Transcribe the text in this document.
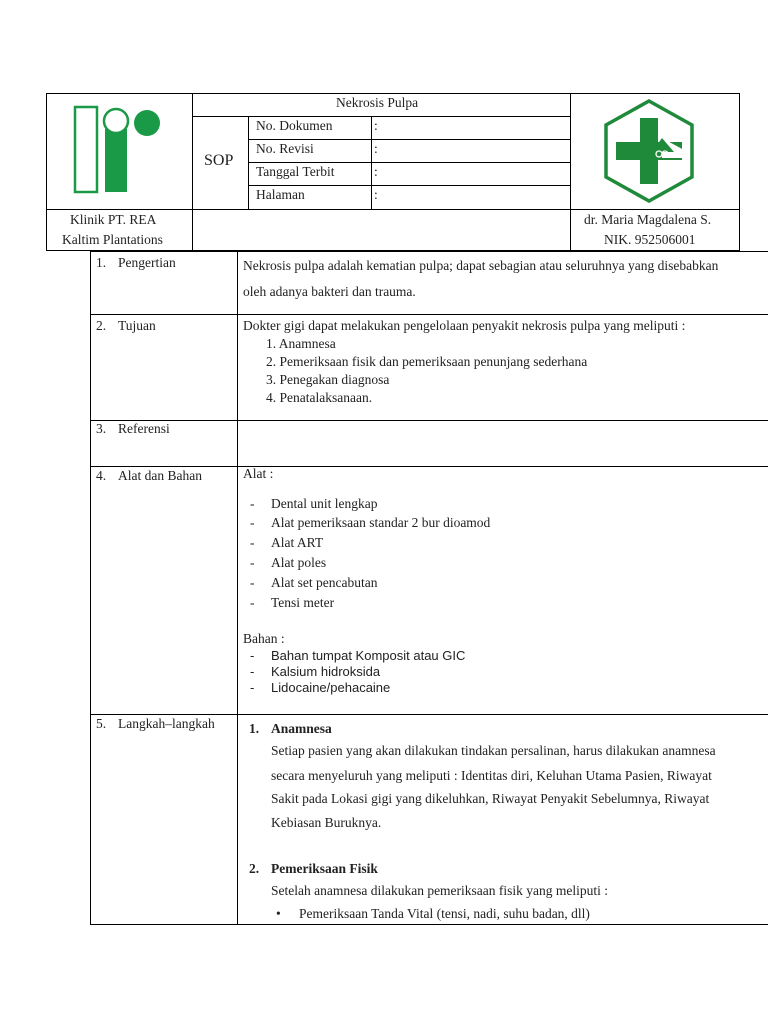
Nekrosis Pulpa
SOP
No. Dokumen	:
No. Revisi	:
Tanggal Terbit	:
Halaman	:
Klinik PT. REA
Kaltim Plantations
dr. Maria Magdalena S.
NIK. 952506001
1. Pengertian	Nekrosis pulpa adalah kematian pulpa; dapat sebagian atau seluruhnya yang disebabkan
oleh adanya bakteri dan trauma.
2. Tujuan	Dokter gigi dapat melakukan pengelolaan penyakit nekrosis pulpa yang meliputi :
1. Anamnesa
2. Pemeriksaan fisik dan pemeriksaan penunjang sederhana
3. Penegakan diagnosa
4. Penatalaksanaan.
3. Referensi
4. Alat dan Bahan	Alat :
- Dental unit lengkap
- Alat pemeriksaan standar 2 bur dioamod
- Alat ART
- Alat poles
- Alat set pencabutan
- Tensi meter
Bahan :
- Bahan tumpat Komposit atau GIC
- Kalsium hidroksida
- Lidocaine/pehacaine
5. Langkah–langkah	1. Anamnesa
Setiap pasien yang akan dilakukan tindakan persalinan, harus dilakukan anamnesa
secara menyeluruh yang meliputi : Identitas diri, Keluhan Utama Pasien, Riwayat
Sakit pada Lokasi gigi yang dikeluhkan, Riwayat Penyakit Sebelumnya, Riwayat
Kebiasan Buruknya.
2. Pemeriksaan Fisik
Setelah anamnesa dilakukan pemeriksaan fisik yang meliputi :
• Pemeriksaan Tanda Vital (tensi, nadi, suhu badan, dll)
